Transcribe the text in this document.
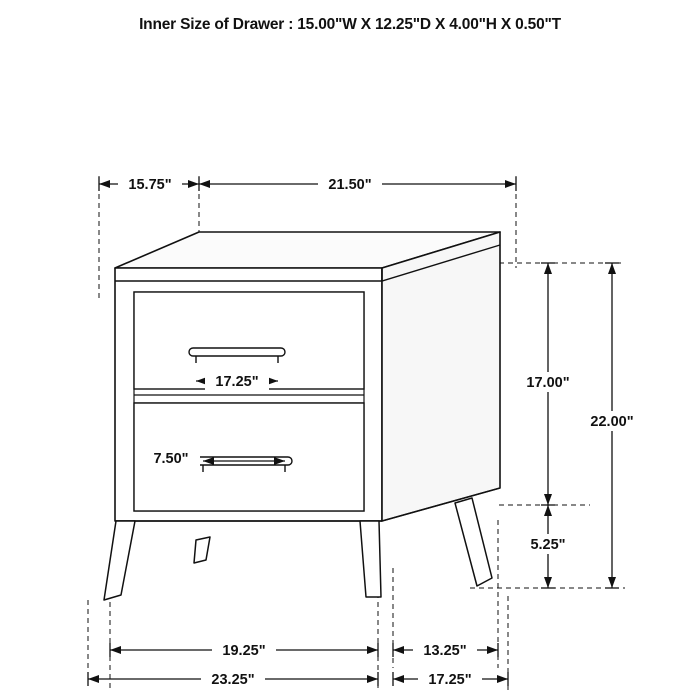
Inner Size of Drawer : 15.00"W X 12.25"D X 4.00"H X 0.50"T
15.75"	21.50"
17.25"
7.50"
17.00"
22.00"
5.25"
19.25"	13.25"
23.25"	17.25"
